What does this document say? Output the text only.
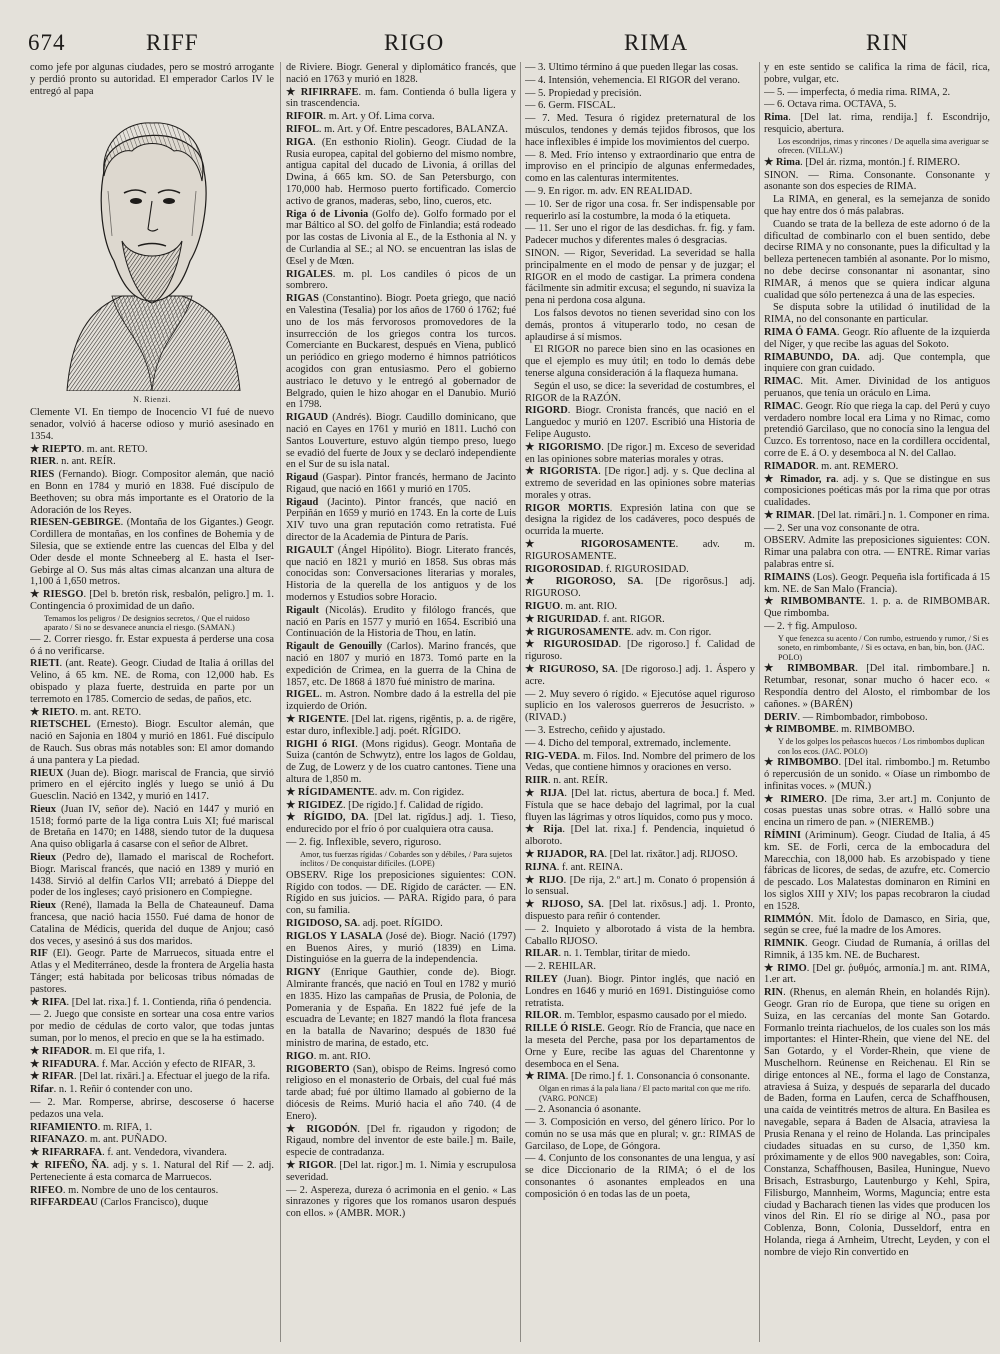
674	RIFF	RIGO	RIMA	RIN

como jefe por algunas ciudades, pero se mostró arrogante y perdió pronto su autoridad. El emperador Carlos IV le entregó al papa

N. Rienzi.

Clemente VI. En tiempo de Inocencio VI fué de nuevo senador, volvió á hacerse odioso y murió asesinado en 1354.

★ RIEPTO. m. ant. RETO.

RIER. n. ant. REÍR.

RIES (Fernando). Biogr. Compositor alemán, que nació en Bonn en 1784 y murió en 1838. Fué discípulo de Beethoven; su obra más importante es el Oratorio de la Adoración de los Reyes.

RIESEN-GEBIRGE. (Montaña de los Gigantes.) Geogr. Cordillera de montañas, en los confines de Bohemia y de Silesia, que se extiende entre las cuencas del Elba y del Oder desde el monte Schneeberg al E. hasta el Iser-Gebirge al O. Sus más altas cimas alcanzan una altura de 1,100 á 1,650 metros.

★ RIESGO. [Del b. bretón risk, resbalón, peligro.] m. 1. Contingencia ó proximidad de un daño.

Temamos los peligros / De designios secretos, / Que el ruidoso aparato / Si no se desvanece anuncia el riesgo. (SAMAN.)

— 2. Correr riesgo. fr. Estar expuesta á perderse una cosa ó á no verificarse.

RIETI. (ant. Reate). Geogr. Ciudad de Italia á orillas del Velino, á 65 km. NE. de Roma, con 12,000 hab. Es obispado y plaza fuerte, destruida en parte por un terremoto en 1785. Comercio de sedas, de paños, etc.

★ RIETO. m. ant. RETO.

RIETSCHEL (Ernesto). Biogr. Escultor alemán, que nació en Sajonia en 1804 y murió en 1861. Fué discípulo de Rauch. Sus obras más notables son: El amor domando á una pantera y La piedad.

RIEUX (Juan de). Biogr. mariscal de Francia, que sirvió primero en el ejército inglés y luego se unió á Du Guesclin. Nació en 1342, y murió en 1417.

Rieux (Juan IV, señor de). Nació en 1447 y murió en 1518; formó parte de la liga contra Luis XI; fué mariscal de Bretaña en 1470; en 1488, siendo tutor de la duquesa Ana quiso obligarla á casarse con el señor de Albret.

Rieux (Pedro de), llamado el mariscal de Rochefort. Biogr. Mariscal francés, que nació en 1389 y murió en 1438. Sirvió al delfín Carlos VII; arrebató á Dieppe del poder de los ingleses; cayó prisionero en Compiegne.

Rieux (René), llamada la Bella de Chateauneuf. Dama francesa, que nació hacia 1550. Fué dama de honor de Catalina de Médicis, querida del duque de Anjou; casó dos veces, y asesinó á sus dos maridos.

RIF (El). Geogr. Parte de Marruecos, situada entre el Atlas y el Mediterráneo, desde la frontera de Argelia hasta Tánger; está habitada por belicosas tribus nómadas de pastores.

★ RIFA. [Del lat. rixa.] f. 1. Contienda, riña ó pendencia.

— 2. Juego que consiste en sortear una cosa entre varios por medio de cédulas de corto valor, que todas juntas suman, por lo menos, el precio en que se la ha estimado.

★ RIFADOR. m. El que rifa, 1.

★ RIFADURA. f. Mar. Acción y efecto de RIFAR, 3.

★ RIFAR. [Del lat. rixāri.] a. Efectuar el juego de la rifa.

Rifar. n. 1. Reñir ó contender con uno.

— 2. Mar. Romperse, abrirse, descoserse ó hacerse pedazos una vela.

RIFAMIENTO. m. RIFA, 1.

RIFANAZO. m. ant. PUÑADO.

★ RIFARRAFA. f. ant. Vendedora, vivandera.

★ RIFEÑO, ÑA. adj. y s. 1. Natural del Rif — 2. adj. Perteneciente á esta comarca de Marruecos.

RIFEO. m. Nombre de uno de los centauros.

RIFFARDEAU (Carlos Francisco), duque

de Riviere. Biogr. General y diplomático francés, que nació en 1763 y murió en 1828.

★ RIFIRRAFE. m. fam. Contienda ó bulla ligera y sin trascendencia.

RIFOIR. m. Art. y Of. Lima corva.

RIFOL. m. Art. y Of. Entre pescadores, BALANZA.

RIGA. (En esthonio Riolin). Geogr. Ciudad de la Rusia europea, capital del gobierno del mismo nombre, antigua capital del ducado de Livonia, á orillas del Dwina, á 665 km. SO. de San Petersburgo, con 170,000 hab. Hermoso puerto fortificado. Comercio activo de granos, maderas, sebo, lino, cueros, etc.

Riga ó de Livonia (Golfo de). Golfo formado por el mar Báltico al SO. del golfo de Finlandia; está rodeado por las costas de Livonia al E., de la Esthonia al N. y de Curlandia al SE.; al NO. se encuentran las islas de Œsel y de Mœn.

RIGALES. m. pl. Los candiles ó picos de un sombrero.

RIGAS (Constantino). Biogr. Poeta griego, que nació en Valestina (Tesalia) por los años de 1760 ó 1762; fué uno de los más fervorosos promovedores de la insurrección de los griegos contra los turcos. Comerciante en Buckarest, después en Viena, publicó un periódico en griego moderno é himnos patrióticos acogidos con gran entusiasmo. Pero el gobierno austriaco le detuvo y le entregó al gobernador de Belgrado, quien le hizo ahogar en el Danubio. Murió en 1798.

RIGAUD (Andrés). Biogr. Caudillo dominicano, que nació en Cayes en 1761 y murió en 1811. Luchó con Santos Louverture, estuvo algún tiempo preso, luego se evadió del fuerte de Joux y se declaró independiente en el Sur de su isla natal.

Rigaud (Gaspar). Pintor francés, hermano de Jacinto Rigaud, que nació en 1661 y murió en 1705.

Rigaud (Jacinto). Pintor francés, que nació en Perpiñán en 1659 y murió en 1743. En la corte de Luis XIV tuvo una gran reputación como retratista. Fué director de la Academia de Pintura de París.

RIGAULT (Ángel Hipólito). Biogr. Literato francés, que nació en 1821 y murió en 1858. Sus obras más conocidas son: Conversaciones literarias y morales, Historia de la querella de los antiguos y de los modernos y Estudios sobre Horacio.

Rigault (Nicolás). Erudito y filólogo francés, que nació en París en 1577 y murió en 1654. Escribió una Continuación de la Historia de Thou, en latín.

Rigault de Genouilly (Carlos). Marino francés, que nació en 1807 y murió en 1873. Tomó parte en la expedición de Crimea, en la guerra de la China de 1857, etc. De 1868 á 1870 fué ministro de marina.

RIGEL. m. Astron. Nombre dado á la estrella del pie izquierdo de Orión.

★ RIGENTE. [Del lat. rigens, rigēntis, p. a. de rigēre, estar duro, inflexible.] adj. poét. RÍGIDO.

RIGHI ó RIGI. (Mons rigidus). Geogr. Montaña de Suiza (cantón de Schwytz), entre los lagos de Goldau, de Zug, de Lowerz y de los cuatro cantones. Tiene una altura de 1,850 m.

★ RÍGIDAMENTE. adv. m. Con rigidez.

★ RIGIDEZ. [De rígido.] f. Calidad de rígido.

★ RÍGIDO, DA. [Del lat. rigĭdus.] adj. 1. Tieso, endurecido por el frío ó por cualquiera otra causa.

— 2. fig. Inflexible, severo, riguroso.

Amor, tus fuerzas rígidas / Cobardes son y débiles, / Para sujetos ínclitos / De conquistar difíciles. (LOPE)

OBSERV. Rige los preposiciones siguientes: CON. Rígido con todos. — DE. Rígido de carácter. — EN. Rígido en sus juicios. — PARA. Rígido para, ó para con, su familia.

RIGIDOSO, SA. adj. poet. RÍGIDO.

RIGLOS Y LASALA (José de). Biogr. Nació (1797) en Buenos Aires, y murió (1839) en Lima. Distinguióse en la guerra de la independencia.

RIGNY (Enrique Gauthier, conde de). Biogr. Almirante francés, que nació en Toul en 1782 y murió en 1835. Hizo las campañas de Prusia, de Polonia, de Pomerania y de España. En 1822 fué jefe de la escuadra de Levante; en 1827 mandó la flota francesa en la batalla de Navarino; después de 1830 fué ministro de marina, de estado, etc.

RIGO. m. ant. RIO.

RIGOBERTO (San), obispo de Reims. Ingresó como religioso en el monasterio de Orbais, del cual fué más tarde abad; fué por último llamado al gobierno de la diócesis de Reims. Murió hacia el año 740. (4 de Enero).

★ RIGODÓN. [Del fr. rigaudon y rigodon; de Rigaud, nombre del inventor de este baile.] m. Baile, especie de contradanza.

★ RIGOR. [Del lat. rigor.] m. 1. Nimia y escrupulosa severidad.

— 2. Aspereza, dureza ó acrimonia en el genio. « Las sinrazones y rigores que los romanos usaron después con ellos. » (AMBR. MOR.)

— 3. Último término á que pueden llegar las cosas.

— 4. Intensión, vehemencia. El RIGOR del verano.

— 5. Propiedad y precisión.

— 6. Germ. FISCAL.

— 7. Med. Tesura ó rigidez preternatural de los músculos, tendones y demás tejidos fibrosos, que los hace inflexibles é impide los movimientos del cuerpo.

— 8. Med. Frío intenso y extraordinario que entra de improviso en el principio de algunas enfermedades, como en las calenturas intermitentes.

— 9. En rigor. m. adv. EN REALIDAD.

— 10. Ser de rigor una cosa. fr. Ser indispensable por requerirlo así la costumbre, la moda ó la etiqueta.

— 11. Ser uno el rigor de las desdichas. fr. fig. y fam. Padecer muchos y diferentes males ó desgracias.

SINON. — Rigor, Severidad. La severidad se halla principalmente en el modo de pensar y de juzgar; el RIGOR en el modo de castigar. La primera condena fácilmente sin admitir excusa; el segundo, ni suaviza la pena ni perdona cosa alguna.

Los falsos devotos no tienen severidad sino con los demás, prontos á vituperarlo todo, no cesan de aplaudirse á sí mismos.

El RIGOR no parece bien sino en las ocasiones en que el ejemplo es muy útil; en todo lo demás debe tenerse alguna consideración á la flaqueza humana.

Según el uso, se dice: la severidad de costumbres, el RIGOR de la RAZÓN.

RIGORD. Biogr. Cronista francés, que nació en el Languedoc y murió en 1207. Escribió una Historia de Felipe Augusto.

★ RIGORISMO. [De rigor.] m. Exceso de severidad en las opiniones sobre materias morales y otras.

★ RIGORISTA. [De rigor.] adj. y s. Que declina al extremo de severidad en las opiniones sobre materias morales y otras.

RIGOR MORTIS. Expresión latina con que se designa la rigidez de los cadáveres, poco después de ocurrida la muerte.

★ RIGOROSAMENTE. adv. m. RIGUROSAMENTE.

RIGOROSIDAD. f. RIGUROSIDAD.

★ RIGOROSO, SA. [De rigorōsus.] adj. RIGUROSO.

RIGUO. m. ant. RIO.

★ RIGURIDAD. f. ant. RIGOR.

★ RIGUROSAMENTE. adv. m. Con rigor.

★ RIGUROSIDAD. [De rigoroso.] f. Calidad de riguroso.

★ RIGUROSO, SA. [De rigoroso.] adj. 1. Áspero y acre.

— 2. Muy severo ó rígido. « Ejecutóse aquel riguroso suplicio en los valerosos guerreros de Jesucristo. » (RIVAD.)

— 3. Estrecho, ceñido y ajustado.

— 4. Dicho del temporal, extremado, inclemente.

RIG-VEDA. m. Filos. Ind. Nombre del primero de los Vedas, que contiene himnos y oraciones en verso.

RIIR. n. ant. REÍR.

★ RIJA. [Del lat. rictus, abertura de boca.] f. Med. Fístula que se hace debajo del lagrimal, por la cual fluyen las lágrimas y otros líquidos, como pus y moco.

★ Rija. [Del lat. rixa.] f. Pendencia, inquietud ó alboroto.

★ RIJADOR, RA. [Del lat. rixātor.] adj. RIJOSO.

RIJNA. f. ant. REINA.

★ RIJO. [De rija, 2.º art.] m. Conato ó propensión á lo sensual.

★ RIJOSO, SA. [Del lat. rixōsus.] adj. 1. Pronto, dispuesto para reñir ó contender.

— 2. Inquieto y alborotado á vista de la hembra. Caballo RIJOSO.

RILAR. n. 1. Temblar, tiritar de miedo.

— 2. REHILAR.

RILEY (Juan). Biogr. Pintor inglés, que nació en Londres en 1646 y murió en 1691. Distinguióse como retratista.

RILOR. m. Temblor, espasmo causado por el miedo.

RILLE Ó RISLE. Geogr. Río de Francia, que nace en la meseta del Perche, pasa por los departamentos de Orne y Eure, recibe las aguas del Charentonne y desemboca en el Sena.

★ RIMA. [De rimo.] f. 1. Consonancia ó consonante.

Olgan en rimas á la pala liana / El pacto marital con que me rifo. (VARG. PONCE)

— 2. Asonancia ó asonante.

— 3. Composición en verso, del género lírico. Por lo común no se usa más que en plural; v. gr.: RIMAS de Garcilaso, de Lope, de Góngora.

— 4. Conjunto de los consonantes de una lengua, y así se dice Diccionario de la RIMA; ó el de los consonantes ó asonantes empleados en una composición ó en todas las de un poeta,

y en este sentido se califica la rima de fácil, rica, pobre, vulgar, etc.

— 5. — imperfecta, ó media rima. RIMA, 2.

— 6. Octava rima. OCTAVA, 5.

Rima. [Del lat. rima, rendija.] f. Escondrijo, resquicio, abertura.

Los escondrijos, rimas y rincones / De aquella sima averiguar se ofrecen. (VILLAV.)

★ Rima. [Del ár. rizma, montón.] f. RIMERO.

SINON. — Rima. Consonante. Consonante y asonante son dos especies de RIMA.

La RIMA, en general, es la semejanza de sonido que hay entre dos ó más palabras.

Cuando se trata de la belleza de este adorno ó de la dificultad de combinarlo con el buen sentido, debe decirse RIMA y no consonante, pues la dificultad y la belleza pertenecen también al asonante. Por lo mismo, no debe decirse consonantar ni asonantar, sino RIMAR, á menos que se quiera indicar alguna cualidad que sólo pertenezca á una de las especies.

Se disputa sobre la utilidad ó inutilidad de la RIMA, no del consonante en particular.

RIMA Ó FAMA. Geogr. Río afluente de la izquierda del Níger, y que recibe las aguas del Sokoto.

RIMABUNDO, DA. adj. Que contempla, que inquiere con gran cuidado.

RIMAC. Mit. Amer. Divinidad de los antiguos peruanos, que tenía un oráculo en Lima.

RIMAC. Geogr. Río que riega la cap. del Perú y cuyo verdadero nombre local era Lima y no Rimac, como pretendió Garcilaso, que no conocía sino la lengua del Cuzco. Es torrentoso, nace en la cordillera occidental, corre de E. á O. y desemboca al N. del Callao.

RIMADOR. m. ant. REMERO.

★ Rimador, ra. adj. y s. Que se distingue en sus composiciones poéticas más por la rima que por otras cualidades.

★ RIMAR. [Del lat. rimāri.] n. 1. Componer en rima.

— 2. Ser una voz consonante de otra.

OBSERV. Admite las preposiciones siguientes: CON. Rimar una palabra con otra. — ENTRE. Rimar varias palabras entre sí.

RIMAINS (Los). Geogr. Pequeña isla fortificada á 15 km. NE. de San Malo (Francia).

★ RIMBOMBANTE. 1. p. a. de RIMBOMBAR. Que rimbomba.

— 2. † fig. Ampuloso.

Y que fenezca su acento / Con rumbo, estruendo y rumor, / Si es soneto, en rimbombante, / Si es octava, en ban, bin, bon. (JAC. POLO)

★ RIMBOMBAR. [Del ital. rimbombare.] n. Retumbar, resonar, sonar mucho ó hacer eco. « Respondía dentro del Alosto, el rimbombar de los cañones. » (BARÉN)

DERIV. — Rimbombador, rimboboso.

★ RIMBOMBE. m. RIMBOMBO.

Y de los golpes los peñascos huecos / Los rimbombos duplican con los ecos. (JAC. POLO)

★ RIMBOMBO. [Del ital. rimbombo.] m. Retumbo ó repercusión de un sonido. « Oíase un rimbombo de infinitas voces. » (MUÑ.)

★ RIMERO. [De rima, 3.er art.] m. Conjunto de cosas puestas unas sobre otras. « Halló sobre una encina un rimero de pan. » (NIEREMB.)

RÍMINI (Ariminum). Geogr. Ciudad de Italia, á 45 km. SE. de Forli, cerca de la embocadura del Marecchia, con 18,000 hab. Es arzobispado y tiene fábricas de licores, de sedas, de azufre, etc. Comercio de pescado. Los Malatestas dominaron en Rimini en los siglos XIII y XIV; los papas recobraron la ciudad en 1528.

RIMMÓN. Mit. Ídolo de Damasco, en Siria, que, según se cree, fué la madre de los Amores.

RIMNIK. Geogr. Ciudad de Rumanía, á orillas del Rimnik, á 135 km. NE. de Bucharest.

★ RIMO. [Del gr. ῥυθμός, armonía.] m. ant. RIMA, 1.er art.

RIN. (Rhenus, en alemán Rhein, en holandés Rijn). Geogr. Gran río de Europa, que tiene su origen en Suiza, en las cercanías del monte San Gotardo. Formanlo treinta riachuelos, de los cuales son los más importantes: el Hinter-Rhein, que viene del NE. del San Gotardo, y el Vorder-Rhein, que viene de Muschelhorn. Reúnense en Reichenau. El Rin se dirige entonces al NE., forma el lago de Constanza, atraviesa á Suiza, y después de separarla del ducado de Baden, forma en Laufen, cerca de Schaffhousen, una caída de veintitrés metros de altura. En Basilea es navegable, separa á Baden de Alsacia, atraviesa la Prusia Renana y el reino de Holanda. Las principales ciudades situadas en su curso, de 1,350 km. próximamente y de ellos 900 navegables, son: Coira, Constanza, Schaffhousen, Basilea, Huningue, Nuevo Brisach, Estrasburgo, Lautenburgo y Kehl, Spira, Filisburgo, Mannheim, Worms, Maguncia; entre esta ciudad y Bacharach tienen las vides que producen los vinos del Rin. El río se dirige al NO., pasa por Coblenza, Bonn, Colonia, Dusseldorf, entra en Holanda, riega á Arnheim, Utrecht, Leyden, y con el nombre de viejo Rin convertido en
